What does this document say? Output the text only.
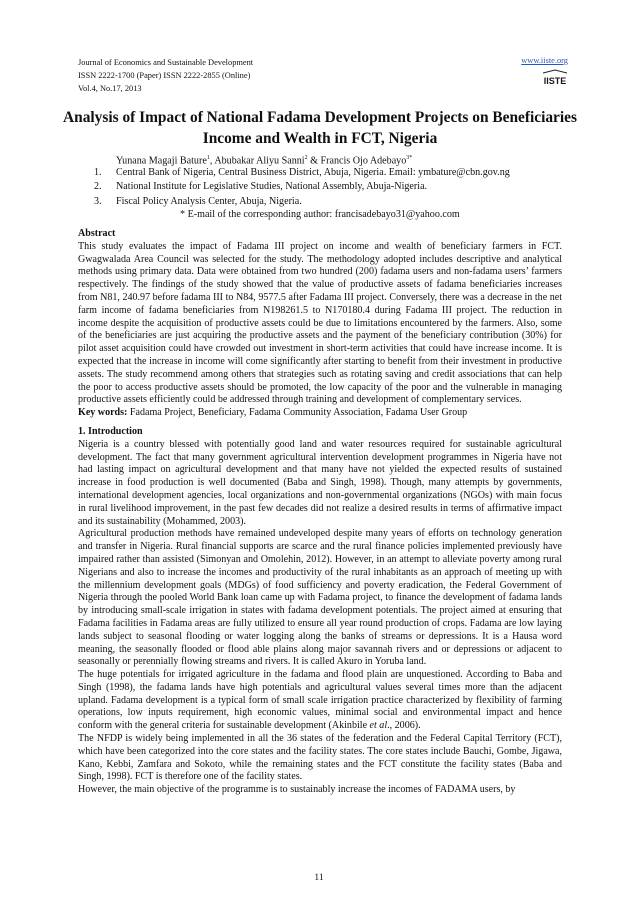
Journal of Economics and Sustainable Development
ISSN 2222-1700 (Paper) ISSN 2222-2855 (Online)
Vol.4, No.17, 2013
www.iiste.org
IISTE
Analysis of Impact of National Fadama Development Projects on Beneficiaries Income and Wealth in FCT, Nigeria
Yunana Magaji Bature$^1$, Abubakar Aliyu Sanni$^2$ & Francis Ojo Adebayo$^{3*}$
1. Central Bank of Nigeria, Central Business District, Abuja, Nigeria. Email: ymbature@cbn.gov.ng
2. National Institute for Legislative Studies, National Assembly, Abuja-Nigeria.
3. Fiscal Policy Analysis Center, Abuja, Nigeria.
* E-mail of the corresponding author: francisadebayo31@yahoo.com

Abstract

This study evaluates the impact of Fadama III project on income and wealth of beneficiary farmers in FCT. Gwagwalada Area Council was selected for the study. The methodology adopted includes descriptive and analytical methods using primary data. Data were obtained from two hundred (200) fadama users and non-fadama users’ farmers respectively. The findings of the study showed that the value of productive assets of fadama beneficiaries increases from N81, 240.97 before fadama III to N84, 9577.5 after Fadama III project. Conversely, there was a decrease in the net farm income of fadama beneficiaries from N198261.5 to N170180.4 during Fadama III project. The reduction in income despite the acquisition of productive assets could be due to limitations encountered by the farmers. Also, some of the beneficiaries are just acquiring the productive assets and the payment of the beneficiary contribution (30%) for pilot asset acquisition could have crowded out investment in short-term activities that could have increase income. It is expected that the increase in income will come significantly after starting to benefit from their investment in productive assets. The study recommend among others that strategies such as rotating saving and credit associations that can help the poor to access productive assets should be promoted, the low capacity of the poor and the vulnerable in managing productive assets efficiently could be addressed through training and development of complementary services.

Key words: Fadama Project, Beneficiary, Fadama Community Association, Fadama User Group

1. Introduction

Nigeria is a country blessed with potentially good land and water resources required for sustainable agricultural development. The fact that many government agricultural intervention development programmes in Nigeria have not had lasting impact on agricultural development and that many have not yielded the expected results of sustained increase in food production is well documented (Baba and Singh, 1998). Though, many attempts by governments, international development agencies, local organizations and non-governmental organizations (NGOs) with main focus in rural livelihood improvement, in the past few decades did not realize a desired results in terms of affirmative impact and its sustainability (Mohammed, 2003).

Agricultural production methods have remained undeveloped despite many years of efforts on technology generation and transfer in Nigeria. Rural financial supports are scarce and the rural finance policies implemented previously have impaired rather than assisted (Simonyan and Omolehin, 2012). However, in an attempt to alleviate poverty among rural Nigerians and also to increase the incomes and productivity of the rural inhabitants as an approach of meeting up with the millennium development goals (MDGs) of food sufficiency and poverty eradication, the Federal Government of Nigeria through the pooled World Bank loan came up with Fadama project, to finance the development of fadama lands by introducing small-scale irrigation in states with fadama development potentials. The project aimed at ensuring that Fadama facilities in Fadama areas are fully utilized to ensure all year round production of crops. Fadama are low laying lands subject to seasonal flooding or water logging along the banks of streams or depressions. It is a Hausa word meaning, the seasonally flooded or flood able plains along major savannah rivers and or depressions or adjacent to seasonally or perennially flowing streams and rivers. It is called Akuro in Yoruba land.

The huge potentials for irrigated agriculture in the fadama and flood plain are unquestioned. According to Baba and Singh (1998), the fadama lands have high potentials and agricultural values several times more than the adjacent upland. Fadama development is a typical form of small scale irrigation practice characterized by flexibility of farming operations, low inputs requirement, high economic values, minimal social and environmental impact and hence conform with the general criteria for sustainable development (Akinbile et al., 2006).

The NFDP is widely being implemented in all the 36 states of the federation and the Federal Capital Territory (FCT), which have been categorized into the core states and the facility states. The core states include Bauchi, Gombe, Jigawa, Kano, Kebbi, Zamfara and Sokoto, while the remaining states and the FCT constitute the facility states (Baba and Singh, 1998). FCT is therefore one of the facility states.

However, the main objective of the programme is to sustainably increase the incomes of FADAMA users, by

11
